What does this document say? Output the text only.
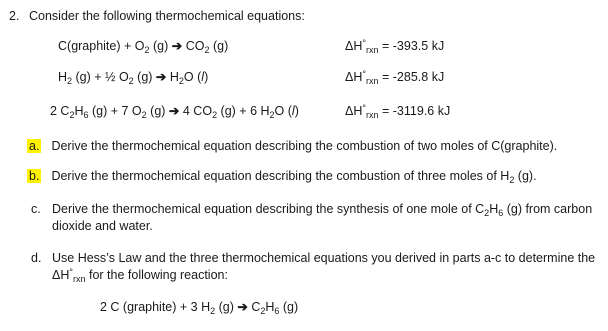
2. Consider the following thermochemical equations:
C(graphite) + $O_2$ (g) ➔ $CO_2$ (g)	$\Delta H^\circ_{rxn} = -393.5$ kJ
$H_2$ (g) + ½ $O_2$ (g) ➔ $H_2O$ (l)	$\Delta H^\circ_{rxn} = -285.8$ kJ
2 $C_2H_6$ (g) + 7 $O_2$ (g) ➔ 4 $CO_2$ (g) + 6 $H_2O$ (l)	$\Delta H^\circ_{rxn} = -3119.6$ kJ
a. Derive the thermochemical equation describing the combustion of two moles of C(graphite).
b. Derive the thermochemical equation describing the combustion of three moles of $H_2$ (g).
c. Derive the thermochemical equation describing the synthesis of one mole of $C_2H_6$ (g) from carbon
dioxide and water.
d. Use Hess’s Law and the three thermochemical equations you derived in parts a-c to determine the
$\Delta H^\circ_{rxn}$ for the following reaction:
2 C (graphite) + 3 $H_2$ (g) ➔ $C_2H_6$ (g)
